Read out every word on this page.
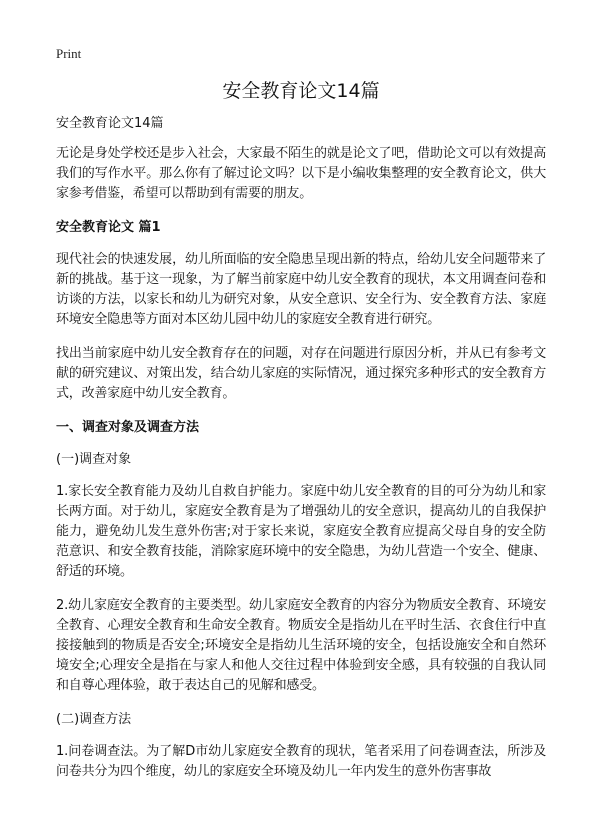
Print
安全教育论文14篇
安全教育论文14篇

无论是身处学校还是步入社会，大家最不陌生的就是论文了吧，借助论文可以有效提高我们的写作水平。那么你有了解过论文吗？以下是小编收集整理的安全教育论文，供大家参考借鉴，希望可以帮助到有需要的朋友。

安全教育论文 篇1

现代社会的快速发展，幼儿所面临的安全隐患呈现出新的特点，给幼儿安全问题带来了新的挑战。基于这一现象，为了解当前家庭中幼儿安全教育的现状，本文用调查问卷和访谈的方法，以家长和幼儿为研究对象，从安全意识、安全行为、安全教育方法、家庭环境安全隐患等方面对本区幼儿园中幼儿的家庭安全教育进行研究。

找出当前家庭中幼儿安全教育存在的问题，对存在问题进行原因分析，并从已有参考文献的研究建议、对策出发，结合幼儿家庭的实际情况，通过探究多种形式的安全教育方式，改善家庭中幼儿安全教育。

一、调查对象及调查方法
(一)调查对象

1.家长安全教育能力及幼儿自救自护能力。家庭中幼儿安全教育的目的可分为幼儿和家长两方面。对于幼儿，家庭安全教育是为了增强幼儿的安全意识，提高幼儿的自我保护能力，避免幼儿发生意外伤害;对于家长来说，家庭安全教育应提高父母自身的安全防范意识、和安全教育技能，消除家庭环境中的安全隐患，为幼儿营造一个安全、健康、舒适的环境。

2.幼儿家庭安全教育的主要类型。幼儿家庭安全教育的内容分为物质安全教育、环境安全教育、心理安全教育和生命安全教育。物质安全是指幼儿在平时生活、衣食住行中直接接触到的物质是否安全;环境安全是指幼儿生活环境的安全，包括设施安全和自然环境安全;心理安全是指在与家人和他人交往过程中体验到安全感，具有较强的自我认同和自尊心理体验，敢于表达自己的见解和感受。

(二)调查方法

1.问卷调查法。为了解D市幼儿家庭安全教育的现状，笔者采用了问卷调查法，所涉及问卷共分为四个维度，幼儿的家庭安全环境及幼儿一年内发生的意外伤害事故
